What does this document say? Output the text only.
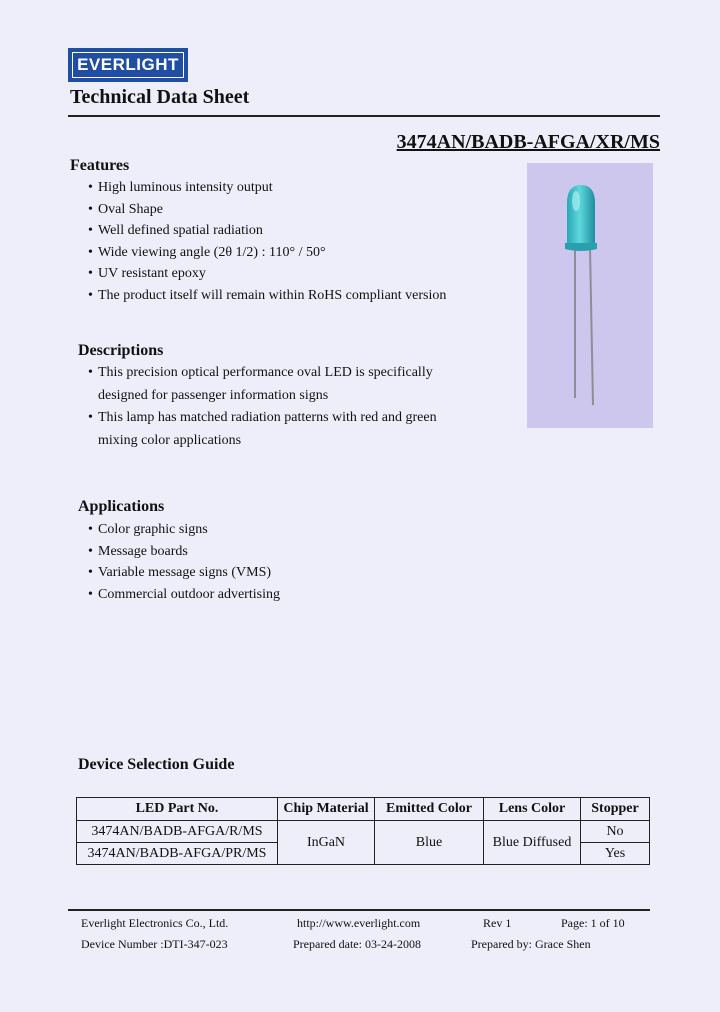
EVERLIGHT
Technical Data Sheet
3474AN/BADB-AFGA/XR/MS
Features
• High luminous intensity output
• Oval Shape
• Well defined spatial radiation
• Wide viewing angle (2θ 1/2) : 110° / 50°
• UV resistant epoxy
• The product itself will remain within RoHS compliant version
Descriptions
• This precision optical performance oval LED is specifically designed for passenger information signs
• This lamp has matched radiation patterns with red and green mixing color applications
Applications
• Color graphic signs
• Message boards
• Variable message signs (VMS)
• Commercial outdoor advertising
Device Selection Guide
LED Part No.	Chip Material	Emitted Color	Lens Color	Stopper
3474AN/BADB-AFGA/R/MS	InGaN	Blue	Blue Diffused	No
3474AN/BADB-AFGA/PR/MS				Yes
Everlight Electronics Co., Ltd.	http://www.everlight.com	Rev 1	Page: 1 of 10
Device Number :DTI-347-023	Prepared date: 03-24-2008	Prepared by: Grace Shen
